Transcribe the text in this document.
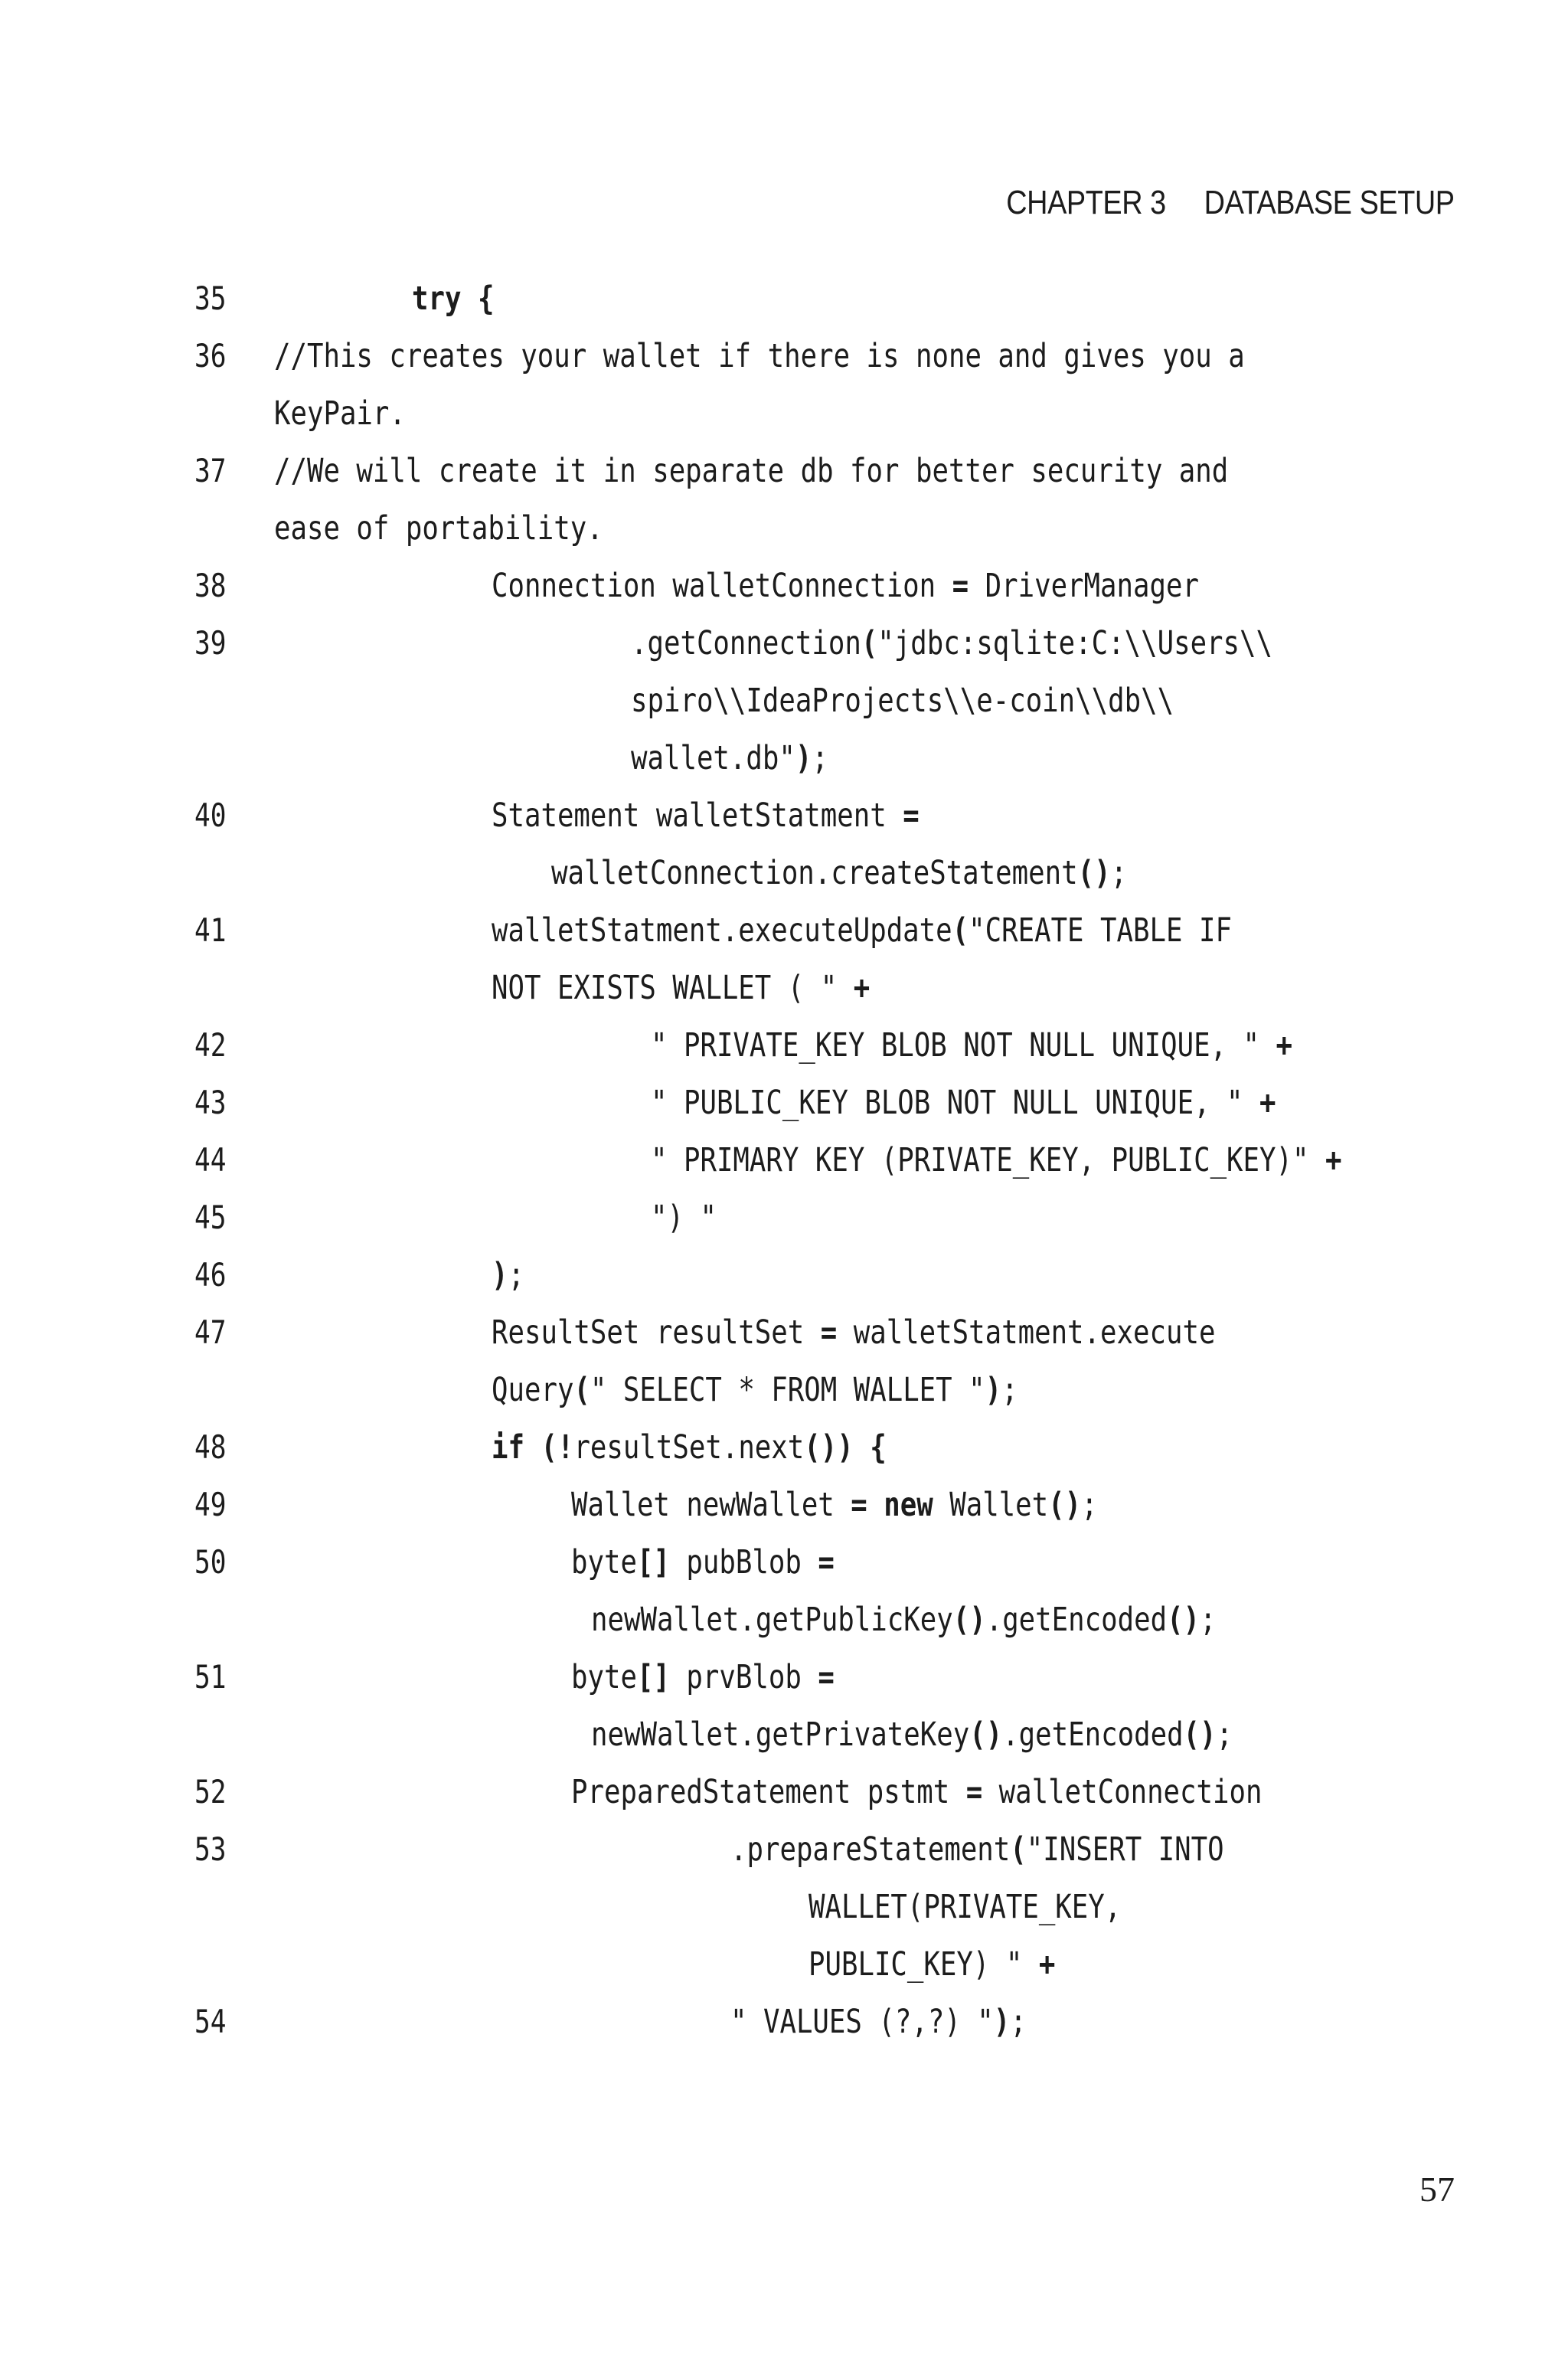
CHAPTER 3 DATABASE SETUP
35	try {
36 //This creates your wallet if there is none and gives you a
KeyPair.
37 //We will create it in separate db for better security and
ease of portability.
38	Connection walletConnection = DriverManager
39	.getConnection("jdbc:sqlite:C:\\Users\\
spiro\\IdeaProjects\\e-coin\\db\\
wallet.db");
40	Statement walletStatment =
walletConnection.createStatement();
41	walletStatment.executeUpdate("CREATE TABLE IF
NOT EXISTS WALLET ( " +
42	" PRIVATE_KEY BLOB NOT NULL UNIQUE, " +
43	" PUBLIC_KEY BLOB NOT NULL UNIQUE, " +
44	" PRIMARY KEY (PRIVATE_KEY, PUBLIC_KEY)" +
45	") "
46	);
47	ResultSet resultSet = walletStatment.execute
Query(" SELECT * FROM WALLET ");
48	if (!resultSet.next()) {
49	Wallet newWallet = new Wallet();
50	byte[] pubBlob =
newWallet.getPublicKey().getEncoded();
51	byte[] prvBlob =
newWallet.getPrivateKey().getEncoded();
52	PreparedStatement pstmt = walletConnection
53	.prepareStatement("INSERT INTO
WALLET(PRIVATE_KEY,
PUBLIC_KEY) " +
54	" VALUES (?,?) ");
57
